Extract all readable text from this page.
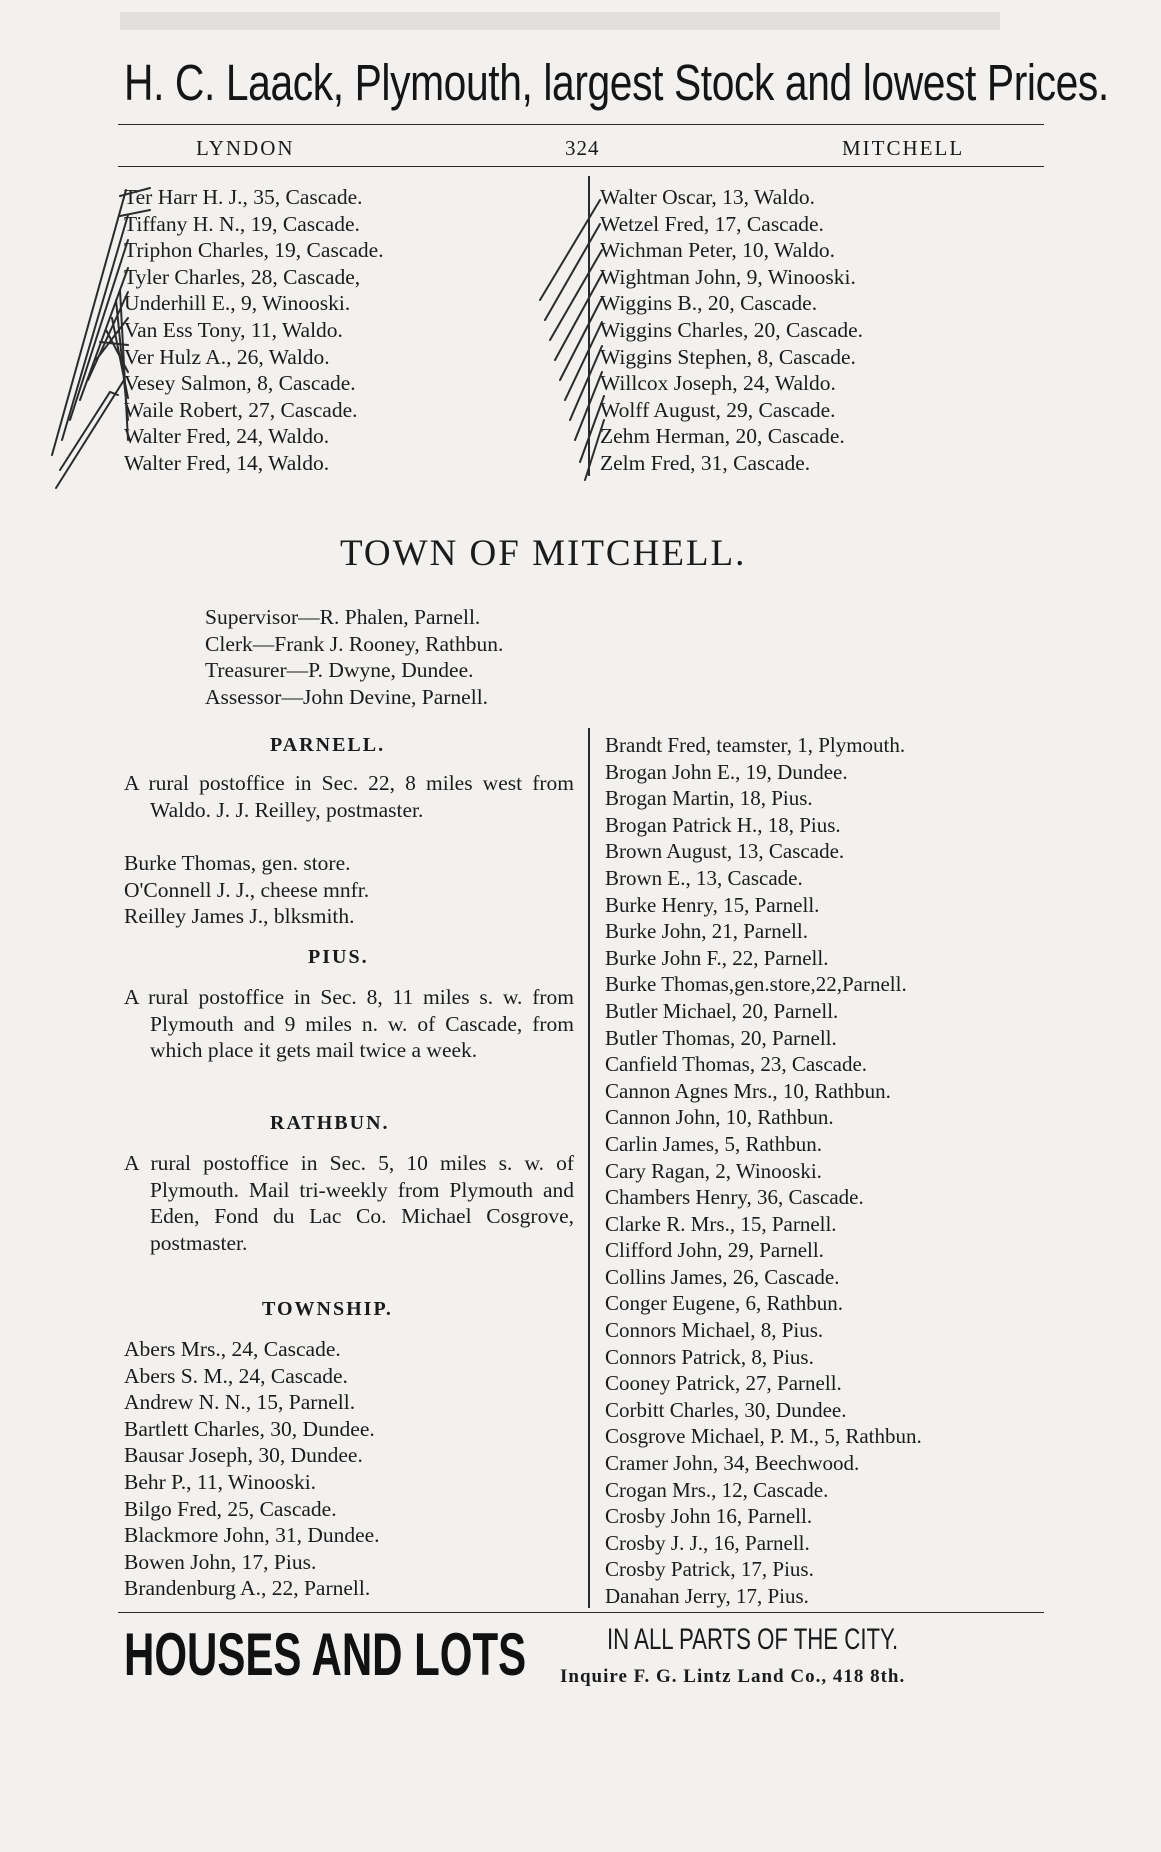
H. C. Laack, Plymouth, largest Stock and lowest Prices.
LYNDON	324	MITCHELL
Ter Harr H. J., 35, Cascade.
Tiffany H. N., 19, Cascade.
Triphon Charles, 19, Cascade.
Tyler Charles, 28, Cascade,
Underhill E., 9, Winooski.
Van Ess Tony, 11, Waldo.
Ver Hulz A., 26, Waldo.
Vesey Salmon, 8, Cascade.
Waile Robert, 27, Cascade.
Walter Fred, 24, Waldo.
Walter Fred, 14, Waldo.
Walter Oscar, 13, Waldo.
Wetzel Fred, 17, Cascade.
Wichman Peter, 10, Waldo.
Wightman John, 9, Winooski.
Wiggins B., 20, Cascade.
Wiggins Charles, 20, Cascade.
Wiggins Stephen, 8, Cascade.
Willcox Joseph, 24, Waldo.
Wolff August, 29, Cascade.
Zehm Herman, 20, Cascade.
Zelm Fred, 31, Cascade.
TOWN OF MITCHELL.
Supervisor—R. Phalen, Parnell.
Clerk—Frank J. Rooney, Rathbun.
Treasurer—P. Dwyne, Dundee.
Assessor—John Devine, Parnell.
PARNELL.

A rural postoffice in Sec. 22, 8 miles west from Waldo. J. J. Reilley, postmaster.

Burke Thomas, gen. store.
O'Connell J. J., cheese mnfr.
Reilley James J., blksmith.
PIUS.

A rural postoffice in Sec. 8, 11 miles s. w. from Plymouth and 9 miles n. w. of Cascade, from which place it gets mail twice a week.

RATHBUN.

A rural postoffice in Sec. 5, 10 miles s. w. of Plymouth. Mail tri-weekly from Plymouth and Eden, Fond du Lac Co. Michael Cosgrove, postmaster.

TOWNSHIP.
Abers Mrs., 24, Cascade.
Abers S. M., 24, Cascade.
Andrew N. N., 15, Parnell.
Bartlett Charles, 30, Dundee.
Bausar Joseph, 30, Dundee.
Behr P., 11, Winooski.
Bilgo Fred, 25, Cascade.
Blackmore John, 31, Dundee.
Bowen John, 17, Pius.
Brandenburg A., 22, Parnell.
Brandt Fred, teamster, 1, Plymouth.
Brogan John E., 19, Dundee.
Brogan Martin, 18, Pius.
Brogan Patrick H., 18, Pius.
Brown August, 13, Cascade.
Brown E., 13, Cascade.
Burke Henry, 15, Parnell.
Burke John, 21, Parnell.
Burke John F., 22, Parnell.
Burke Thomas,gen.store,22,Parnell.
Butler Michael, 20, Parnell.
Butler Thomas, 20, Parnell.
Canfield Thomas, 23, Cascade.
Cannon Agnes Mrs., 10, Rathbun.
Cannon John, 10, Rathbun.
Carlin James, 5, Rathbun.
Cary Ragan, 2, Winooski.
Chambers Henry, 36, Cascade.
Clarke R. Mrs., 15, Parnell.
Clifford John, 29, Parnell.
Collins James, 26, Cascade.
Conger Eugene, 6, Rathbun.
Connors Michael, 8, Pius.
Connors Patrick, 8, Pius.
Cooney Patrick, 27, Parnell.
Corbitt Charles, 30, Dundee.
Cosgrove Michael, P. M., 5, Rathbun.
Cramer John, 34, Beechwood.
Crogan Mrs., 12, Cascade.
Crosby John 16, Parnell.
Crosby J. J., 16, Parnell.
Crosby Patrick, 17, Pius.
Danahan Jerry, 17, Pius.
HOUSES AND LOTS	IN ALL PARTS OF THE CITY.
Inquire F. G. Lintz Land Co., 418 8th.
